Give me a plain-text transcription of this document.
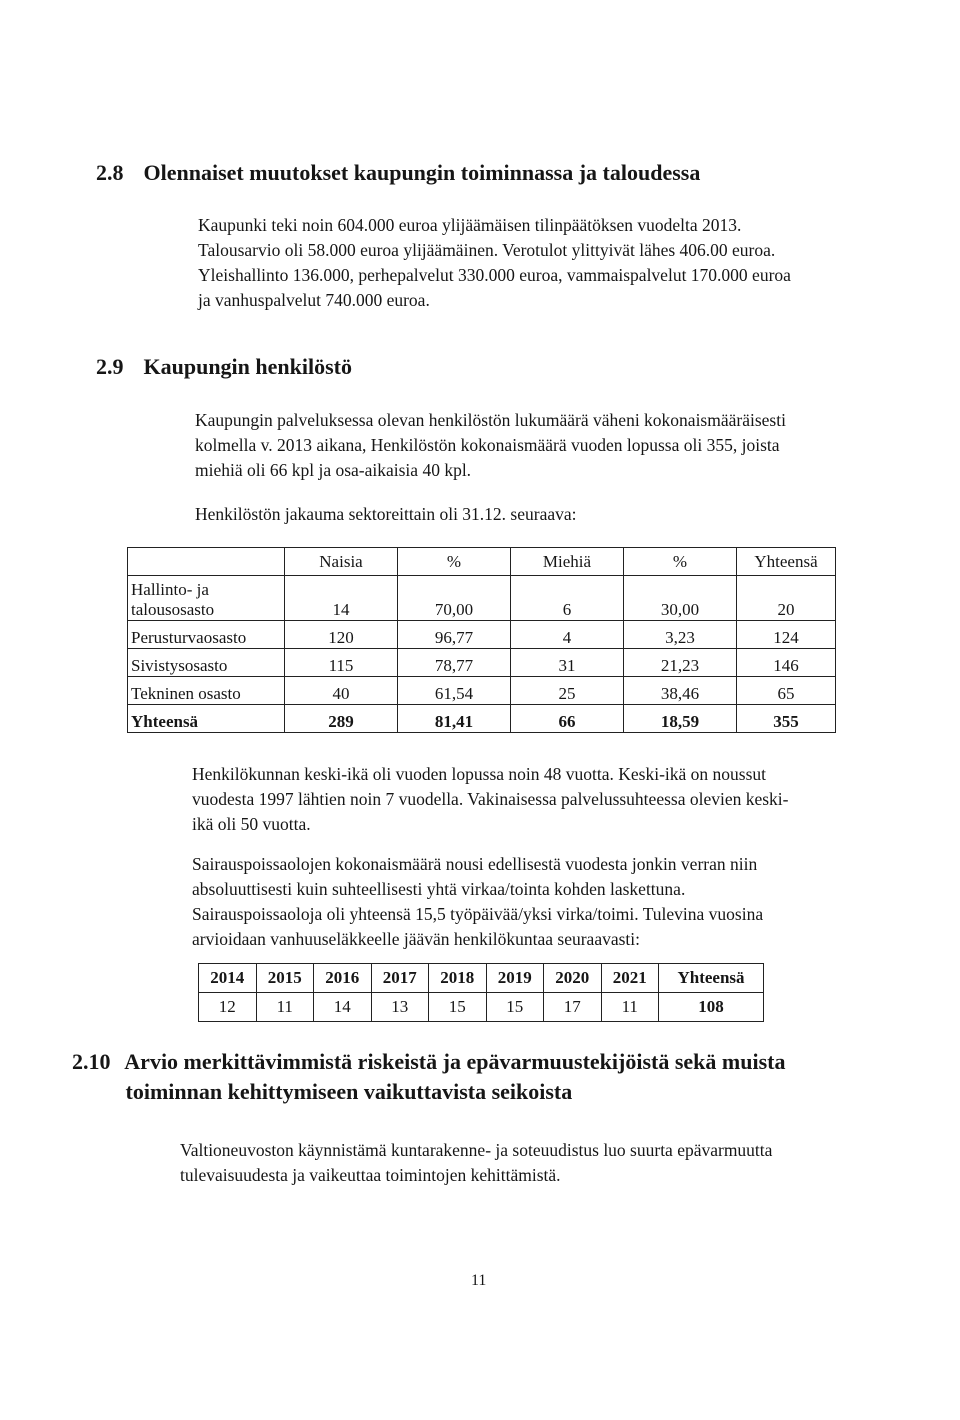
2.8 Olennaiset muutokset kaupungin toiminnassa ja taloudessa

Kaupunki teki noin 604.000 euroa ylijäämäisen tilinpäätöksen vuodelta 2013.
Talousarvio oli 58.000 euroa ylijäämäinen. Verotulot ylittyivät lähes 406.00 euroa.
Yleishallinto 136.000, perhepalvelut 330.000 euroa, vammaispalvelut 170.000 euroa
ja vanhuspalvelut 740.000 euroa.

2.9 Kaupungin henkilöstö

Kaupungin palveluksessa olevan henkilöstön lukumäärä väheni kokonaismääräisesti
kolmella v. 2013 aikana, Henkilöstön kokonaismäärä vuoden lopussa oli 355, joista
miehiä oli 66 kpl ja osa-aikaisia 40 kpl.

Henkilöstön jakauma sektoreittain oli 31.12. seuraava:

	Naisia	%	Miehiä	%	Yhteensä
Hallinto- ja
talousosasto	14	70,00	6	30,00	20
Perusturvaosasto	120	96,77	4	3,23	124
Sivistysosasto	115	78,77	31	21,23	146
Tekninen osasto	40	61,54	25	38,46	65
Yhteensä	289	81,41	66	18,59	355

Henkilökunnan keski-ikä oli vuoden lopussa noin 48 vuotta. Keski-ikä on noussut
vuodesta 1997 lähtien noin 7 vuodella. Vakinaisessa palvelussuhteessa olevien keski-
ikä oli 50 vuotta.

Sairauspoissaolojen kokonaismäärä nousi edellisestä vuodesta jonkin verran niin
absoluuttisesti kuin suhteellisesti yhtä virkaa/tointa kohden laskettuna.
Sairauspoissaoloja oli yhteensä 15,5 työpäivää/yksi virka/toimi. Tulevina vuosina
arvioidaan vanhuuseläkkeelle jäävän henkilökuntaa seuraavasti:

2014	2015	2016	2017	2018	2019	2020	2021	Yhteensä
12	11	14	13	15	15	17	11	108
2.10 Arvio merkittävimmistä riskeistä ja epävarmuustekijöistä sekä muista
toiminnan kehittymiseen vaikuttavista seikoista

Valtioneuvoston käynnistämä kuntarakenne- ja soteuudistus luo suurta epävarmuutta
tulevaisuudesta ja vaikeuttaa toimintojen kehittämistä.

11
